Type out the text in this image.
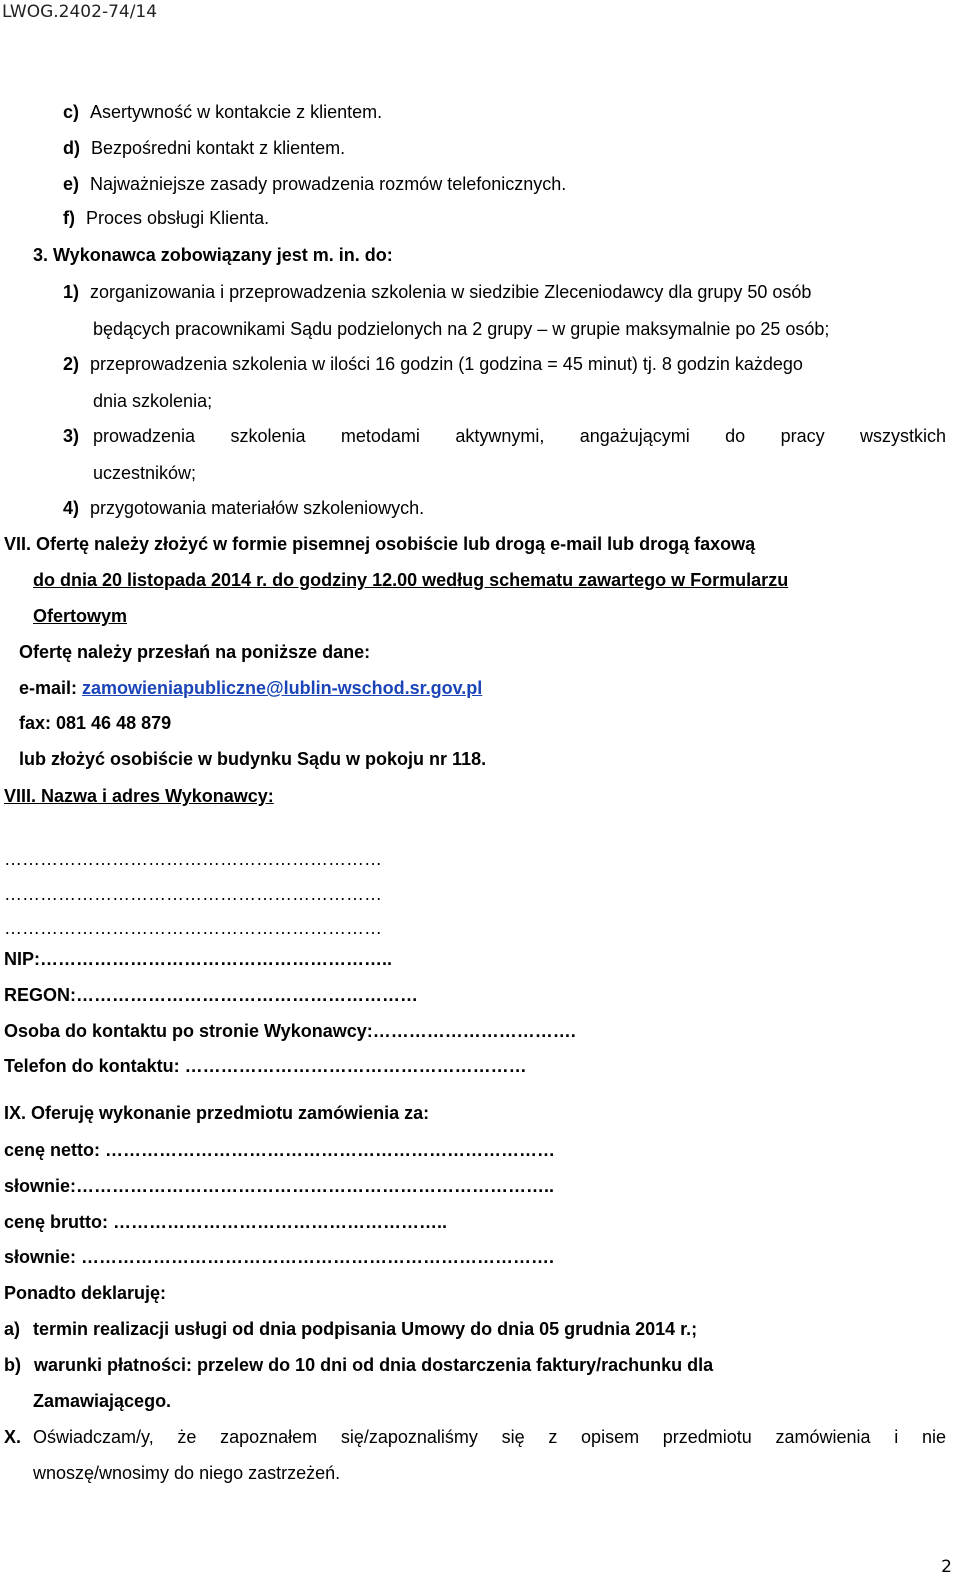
LWOG.2402-74/14
c) Asertywność w kontakcie z klientem.
d) Bezpośredni kontakt z klientem.
e) Najważniejsze zasady prowadzenia rozmów telefonicznych.
f) Proces obsługi Klienta.
3. Wykonawca zobowiązany jest m. in. do:
1) zorganizowania i przeprowadzenia szkolenia w siedzibie Zleceniodawcy dla grupy 50 osób
będących pracownikami Sądu podzielonych na 2 grupy – w grupie maksymalnie po 25 osób;
2) przeprowadzenia szkolenia w ilości 16 godzin (1 godzina = 45 minut) tj. 8 godzin każdego
dnia szkolenia;
3) prowadzenia szkolenia metodami aktywnymi, angażującymi do pracy wszystkich
uczestników;
4) przygotowania materiałów szkoleniowych.
VII. Ofertę należy złożyć w formie pisemnej osobiście lub drogą e-mail lub drogą faxową
do dnia 20 listopada 2014 r. do godziny 12.00 według schematu zawartego w Formularzu
Ofertowym
Ofertę należy przesłań na poniższe dane:
e-mail: zamowieniapubliczne@lublin-wschod.sr.gov.pl
fax: 081 46 48 879
lub złożyć osobiście w budynku Sądu w pokoju nr 118.
VIII. Nazwa i adres Wykonawcy:
………………………………………………………
………………………………………………………
………………………………………………………
NIP:…………………………………………………..
REGON:…………………………………………………
Osoba do kontaktu po stronie Wykonawcy:…………………………….
Telefon do kontaktu: …………………………………………………
IX. Oferuję wykonanie przedmiotu zamówienia za:
cenę netto: …………………………………………………………………
słownie:……………………………………………………………………..
cenę brutto: ………………………………………………..
słownie: …………………………………………………………………….
Ponadto deklaruję:
a) termin realizacji usługi od dnia podpisania Umowy do dnia 05 grudnia 2014 r.;
b) warunki płatności: przelew do 10 dni od dnia dostarczenia faktury/rachunku dla
Zamawiającego.
X. Oświadczam/y, że zapoznałem się/zapoznaliśmy się z opisem przedmiotu zamówienia i nie
wnoszę/wnosimy do niego zastrzeżeń.
2
